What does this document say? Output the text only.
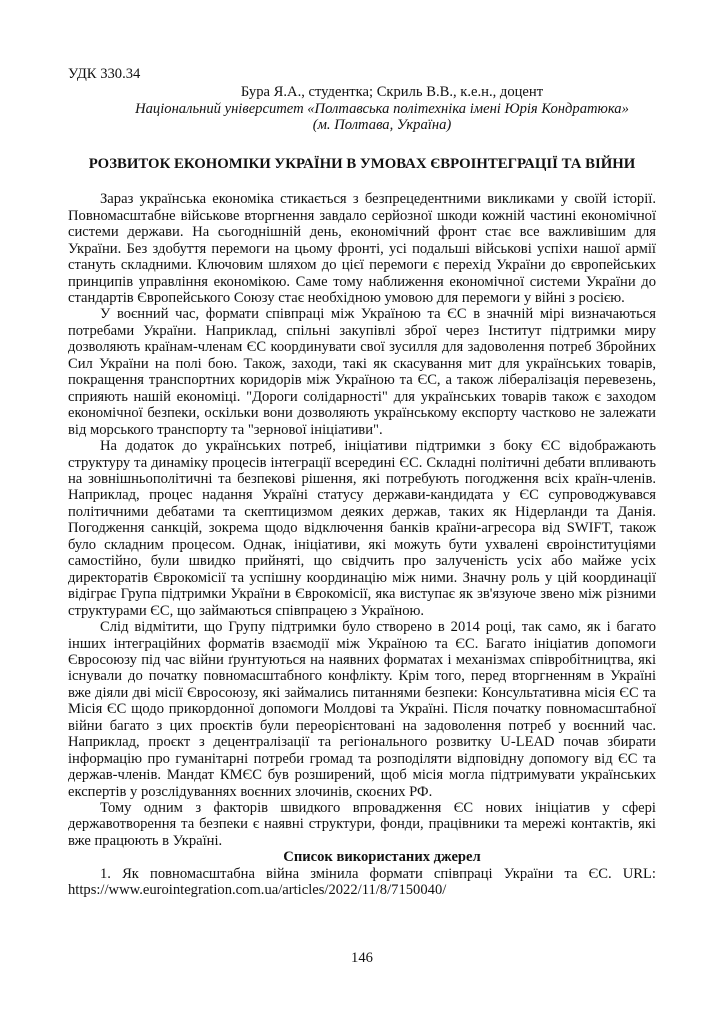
УДК 330.34
Бура Я.А., студентка; Скриль В.В., к.е.н., доцент
Національний університет «Полтавська політехніка імені Юрія Кондратюка»
(м. Полтава, Україна)
РОЗВИТОК ЕКОНОМІКИ УКРАЇНИ В УМОВАХ ЄВРОІНТЕГРАЦІЇ ТА ВІЙНИ

Зараз українська економіка стикається з безпрецедентними викликами у своїй історії. Повномасштабне військове вторгнення завдало серйозної шкоди кожній частині економічної системи держави. На сьогоднішній день, економічний фронт стає все важливішим для України. Без здобуття перемоги на цьому фронті, усі подальші військові успіхи нашої армії стануть складними. Ключовим шляхом до цієї перемоги є перехід України до європейських принципів управління економікою. Саме тому наближення економічної системи України до стандартів Європейського Союзу стає необхідною умовою для перемоги у війні з росією.

У воєнний час, формати співпраці між Україною та ЄС в значній мірі визначаються потребами України. Наприклад, спільні закупівлі зброї через Інститут підтримки миру дозволяють країнам-членам ЄС координувати свої зусилля для задоволення потреб Збройних Сил України на полі бою. Також, заходи, такі як скасування мит для українських товарів, покращення транспортних коридорів між Україною та ЄС, а також лібералізація перевезень, сприяють нашій економіці. "Дороги солідарності" для українських товарів також є заходом економічної безпеки, оскільки вони дозволяють українському експорту частково не залежати від морського транспорту та "зернової ініціативи".

На додаток до українських потреб, ініціативи підтримки з боку ЄС відображають структуру та динаміку процесів інтеграції всередині ЄС. Складні політичні дебати впливають на зовнішньополітичні та безпекові рішення, які потребують погодження всіх країн-членів. Наприклад, процес надання Україні статусу держави-кандидата у ЄС супроводжувався політичними дебатами та скептицизмом деяких держав, таких як Нідерланди та Данія. Погодження санкцій, зокрема щодо відключення банків країни-агресора від SWIFT, також було складним процесом. Однак, ініціативи, які можуть бути ухвалені євроінституціями самостійно, були швидко прийняті, що свідчить про залученість усіх або майже усіх директоратів Єврокомісії та успішну координацію між ними. Значну роль у цій координації відіграє Група підтримки України в Єврокомісії, яка виступає як зв'язуюче звено між різними структурами ЄС, що займаються співпрацею з Україною.

Слід відмітити, що Групу підтримки було створено в 2014 році, так само, як і багато інших інтеграційних форматів взаємодії між Україною та ЄС. Багато ініціатив допомоги Євросоюзу під час війни ґрунтуються на наявних форматах і механізмах співробітництва, які існували до початку повномасштабного конфлікту. Крім того, перед вторгненням в Україні вже діяли дві місії Євросоюзу, які займались питаннями безпеки: Консультативна місія ЄС та Місія ЄС щодо прикордонної допомоги Молдові та Україні. Після початку повномасштабної війни багато з цих проєктів були переорієнтовані на задоволення потреб у воєнний час. Наприклад, проєкт з децентралізації та регіонального розвитку U-LEAD почав збирати інформацію про гуманітарні потреби громад та розподіляти відповідну допомогу від ЄС та держав-членів. Мандат КМЄС був розширений, щоб місія могла підтримувати українських експертів у розслідуваннях воєнних злочинів, скоєних РФ.

Тому одним з факторів швидкого впровадження ЄС нових ініціатив у сфері державотворення та безпеки є наявні структури, фонди, працівники та мережі контактів, які вже працюють в Україні.

Список використаних джерел

1. Як повномасштабна війна змінила формати співпраці України та ЄС. URL: https://www.eurointegration.com.ua/articles/2022/11/8/7150040/

146
